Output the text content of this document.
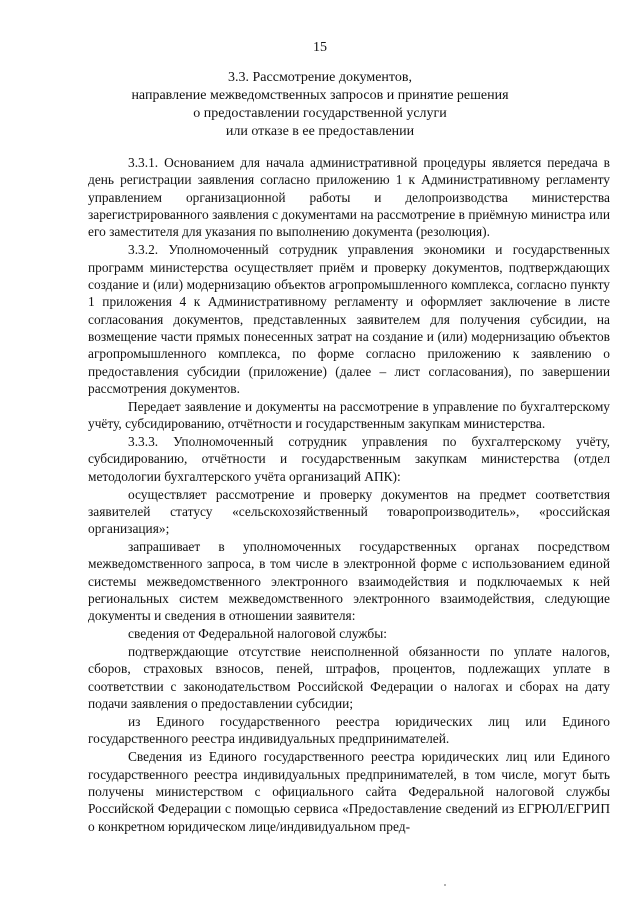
15
3.3. Рассмотрение документов,
направление межведомственных запросов и принятие решения
о предоставлении государственной услуги
или отказе в ее предоставлении

3.3.1. Основанием для начала административной процедуры является передача в день регистрации заявления согласно приложению 1 к Административному регламенту управлением организационной работы и делопроизводства министерства зарегистрированного заявления с документами на рассмотрение в приёмную министра или его заместителя для указания по выполнению документа (резолюция).

3.3.2. Уполномоченный сотрудник управления экономики и государственных программ министерства осуществляет приём и проверку документов, подтверждающих создание и (или) модернизацию объектов агропромышленного комплекса, согласно пункту 1 приложения 4 к Административному регламенту и оформляет заключение в листе согласования документов, представленных заявителем для получения субсидии, на возмещение части прямых понесенных затрат на создание и (или) модернизацию объектов агропромышленного комплекса, по форме согласно приложению к заявлению о предоставления субсидии (приложение) (далее – лист согласования), по завершении рассмотрения документов.

Передает заявление и документы на рассмотрение в управление по бухгалтерскому учёту, субсидированию, отчётности и государственным закупкам министерства.

3.3.3. Уполномоченный сотрудник управления по бухгалтерскому учёту, субсидированию, отчётности и государственным закупкам министерства (отдел методологии бухгалтерского учёта организаций АПК):

осуществляет рассмотрение и проверку документов на предмет соответствия заявителей статусу «сельскохозяйственный товаропроизводитель», «российская организация»;

запрашивает в уполномоченных государственных органах посредством межведомственного запроса, в том числе в электронной форме с использованием единой системы межведомственного электронного взаимодействия и подключаемых к ней региональных систем межведомственного электронного взаимодействия, следующие документы и сведения в отношении заявителя:

сведения от Федеральной налоговой службы:

подтверждающие отсутствие неисполненной обязанности по уплате налогов, сборов, страховых взносов, пеней, штрафов, процентов, подлежащих уплате в соответствии с законодательством Российской Федерации о налогах и сборах на дату подачи заявления о предоставлении субсидии;

из Единого государственного реестра юридических лиц или Единого государственного реестра индивидуальных предпринимателей.

Сведения из Единого государственного реестра юридических лиц или Единого государственного реестра индивидуальных предпринимателей, в том числе, могут быть получены министерством с официального сайта Федеральной налоговой службы Российской Федерации с помощью сервиса «Предоставление сведений из ЕГРЮЛ/ЕГРИП о конкретном юридическом лице/индивидуальном пред-
